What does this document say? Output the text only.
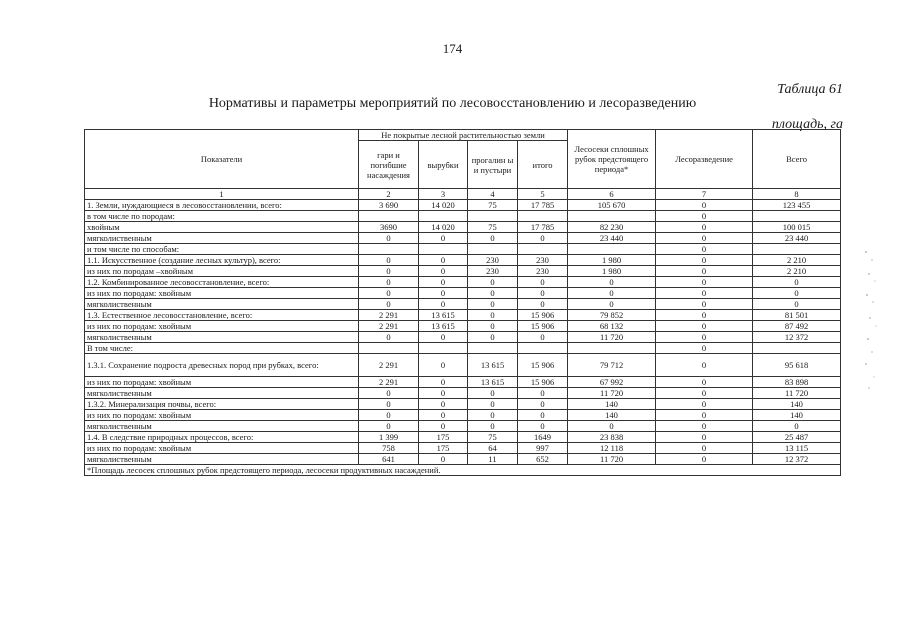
174
Таблица 61
Нормативы и параметры мероприятий по лесовосстановлению и лесоразведению
площадь, га
Показатели	Не покрытые лесной растительностью земли				Лесосеки сплошных рубок предстоящего периода*	Лесоразведение	Всего
	гари и погибшие насаждения	вырубки	прогалин ы и пустыри	итого			
1	2	3	4	5	6	7	8
1. Земли, нуждающиеся в лесовосстановлении, всего:	3 690	14 020	75	17 785	105 670	0	123 455
в том числе по породам:						0	
хвойным	3690	14 020	75	17 785	82 230	0	100 015
мягколиственным	0	0	0	0	23 440	0	23 440
и том числе по способам:						0	
1.1. Искусственное (создание лесных культур), всего:	0	0	230	230	1 980	0	2 210
из них по породам –хвойным	0	0	230	230	1 980	0	2 210
1.2. Комбинированное лесовосстановление, всего:	0	0	0	0	0	0	0
из них по породам: хвойным	0	0	0	0	0	0	0
мягколиственным	0	0	0	0	0	0	0
1.3. Естественное лесовосстановление, всего:	2 291	13 615	0	15 906	79 852	0	81 501
из них по породам: хвойным	2 291	13 615	0	15 906	68 132	0	87 492
мягколиственным	0	0	0	0	11 720	0	12 372
В том числе:						0	
1.3.1. Сохранение подроста древесных пород при рубках, всего:	2 291	0	13 615	15 906	79 712	0	95 618
из них по породам: хвойным	2 291	0	13 615	15 906	67 992	0	83 898
мягколиственным	0	0	0	0	11 720	0	11 720
1.3.2. Минерализация почвы, всего:	0	0	0	0	140	0	140
из них по породам: хвойным	0	0	0	0	140	0	140
мягколиственным	0	0	0	0	0	0	0
1.4. В следствие природных процессов, всего:	1 399	175	75	1649	23 838	0	25 487
из них по породам: хвойным	758	175	64	997	12 118	0	13 115
мягколиственным	641	0	11	652	11 720	0	12 372
*Площадь лесосек сплошных рубок предстоящего периода, лесосеки продуктивных насаждений.							
